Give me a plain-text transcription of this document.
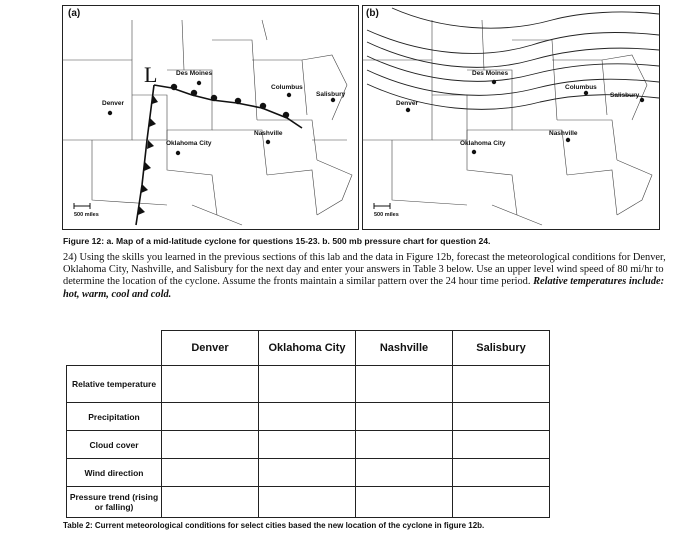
(a)	(b)
L	Des Moines
Columbus
Salisbury
Denver
Oklahoma City
Nashville
500 miles
Des Moines
Columbus
Salisbury
Denver
Oklahoma City
Nashville
500 miles
Figure 12: a. Map of a mid-latitude cyclone for questions 15-23. b. 500 mb pressure chart for question 24.
24) Using the skills you learned in the previous sections of this lab and the data in Figure 12b, forecast the meteorological conditions for Denver, Oklahoma City, Nashville, and Salisbury for the next day and enter your answers in Table 3 below. Use an upper level wind speed of 80 mi/hr to determine the location of the cyclone. Assume the fronts maintain a similar pattern over the 24 hour time period. Relative temperatures include: hot, warm, cool and cold.
	Denver	Oklahoma City	Nashville	Salisbury
Relative temperature				
Precipitation				
Cloud cover				
Wind direction				
Pressure trend (rising or falling)				
Table 2: Current meteorological conditions for select cities based the new location of the cyclone in figure 12b.
